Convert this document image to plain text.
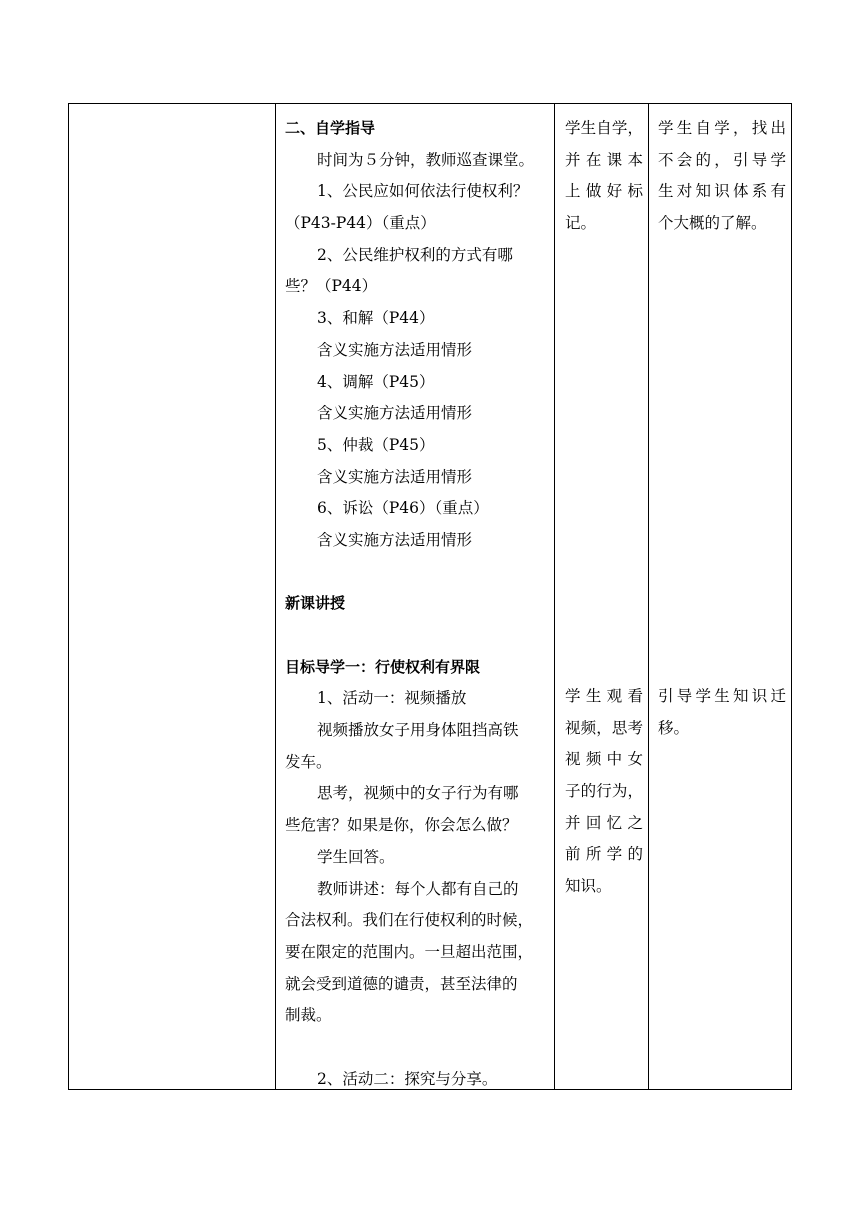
二、自学指导
时间为５分钟，教师巡查课堂。
1、公民应如何依法行使权利？
（P43-P44）（重点）
2、公民维护权利的方式有哪
些？（P44）
3、和解（P44）
含义实施方法适用情形
4、调解（P45）
含义实施方法适用情形
5、仲裁（P45）
含义实施方法适用情形
6、诉讼（P46）（重点）
含义实施方法适用情形
新课讲授
目标导学一：行使权利有界限
1、活动一：视频播放
视频播放女子用身体阻挡高铁
发车。
思考，视频中的女子行为有哪
些危害？如果是你，你会怎么做？
学生回答。
教师讲述：每个人都有自己的
合法权利。我们在行使权利的时候，
要在限定的范围内。一旦超出范围，
就会受到道德的谴责，甚至法律的
制裁。
2、活动二：探究与分享。
学生自学，
并在课本
上做好标
记。
学生观看
视频，思考
视频中女
子的行为，
并回忆之
前所学的
知识。
学生自学，找出
不会的，引导学
生对知识体系有
个大概的了解。
引导学生知识迁
移。
